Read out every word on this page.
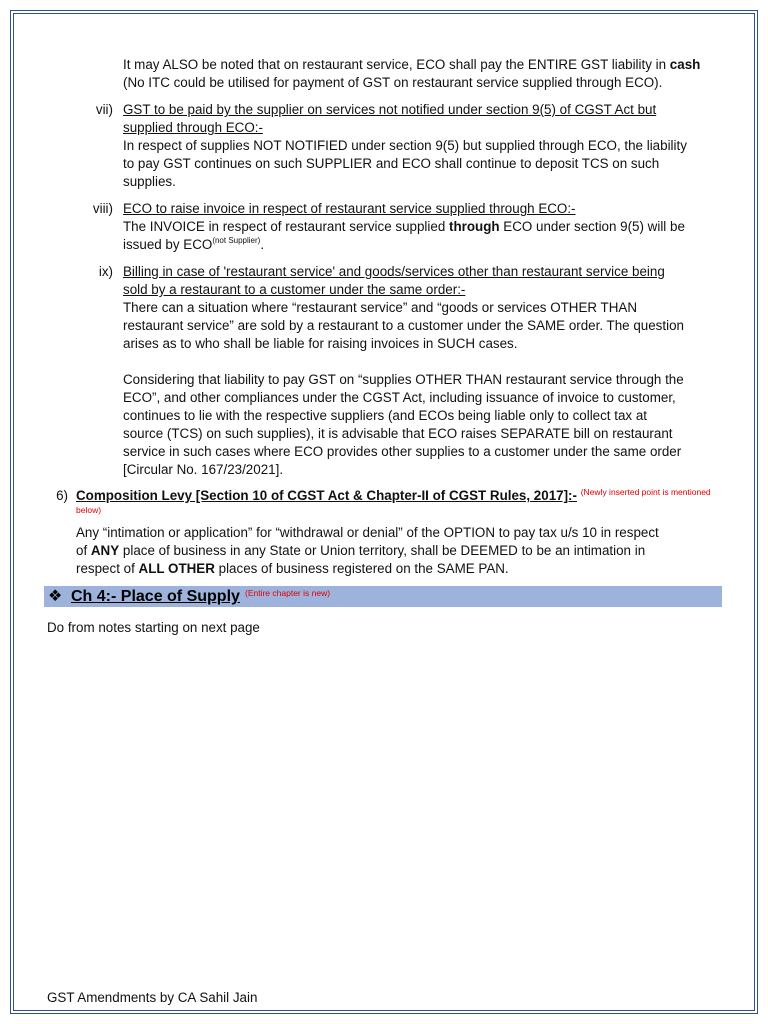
It may ALSO be noted that on restaurant service, ECO shall pay the ENTIRE GST liability in cash
(No ITC could be utilised for payment of GST on restaurant service supplied through ECO).
vii) GST to be paid by the supplier on services not notified under section 9(5) of CGST Act but
supplied through ECO:-
In respect of supplies NOT NOTIFIED under section 9(5) but supplied through ECO, the liability
to pay GST continues on such SUPPLIER and ECO shall continue to deposit TCS on such
supplies.
viii) ECO to raise invoice in respect of restaurant service supplied through ECO:-
The INVOICE in respect of restaurant service supplied through ECO under section 9(5) will be
issued by $ECO^{(not Supplier)}$.
ix) Billing in case of 'restaurant service' and goods/services other than restaurant service being
sold by a restaurant to a customer under the same order:-
There can a situation where “restaurant service” and “goods or services OTHER THAN
restaurant service” are sold by a restaurant to a customer under the SAME order. The question
arises as to who shall be liable for raising invoices in SUCH cases.
Considering that liability to pay GST on “supplies OTHER THAN restaurant service through the
ECO”, and other compliances under the CGST Act, including issuance of invoice to customer,
continues to lie with the respective suppliers (and ECOs being liable only to collect tax at
source (TCS) on such supplies), it is advisable that ECO raises SEPARATE bill on restaurant
service in such cases where ECO provides other supplies to a customer under the same order
[Circular No. 167/23/2021].
6) Composition Levy [Section 10 of CGST Act & Chapter-II of CGST Rules, 2017]:- $^{(Newly inserted point is mentioned}$
below)
Any “intimation or application” for “withdrawal or denial” of the OPTION to pay tax u/s 10 in respect
of ANY place of business in any State or Union territory, shall be DEEMED to be an intimation in
respect of ALL OTHER places of business registered on the SAME PAN.
❖ Ch 4:- Place of Supply (Entire chapter is new)
Do from notes starting on next page
GST Amendments by CA Sahil Jain
